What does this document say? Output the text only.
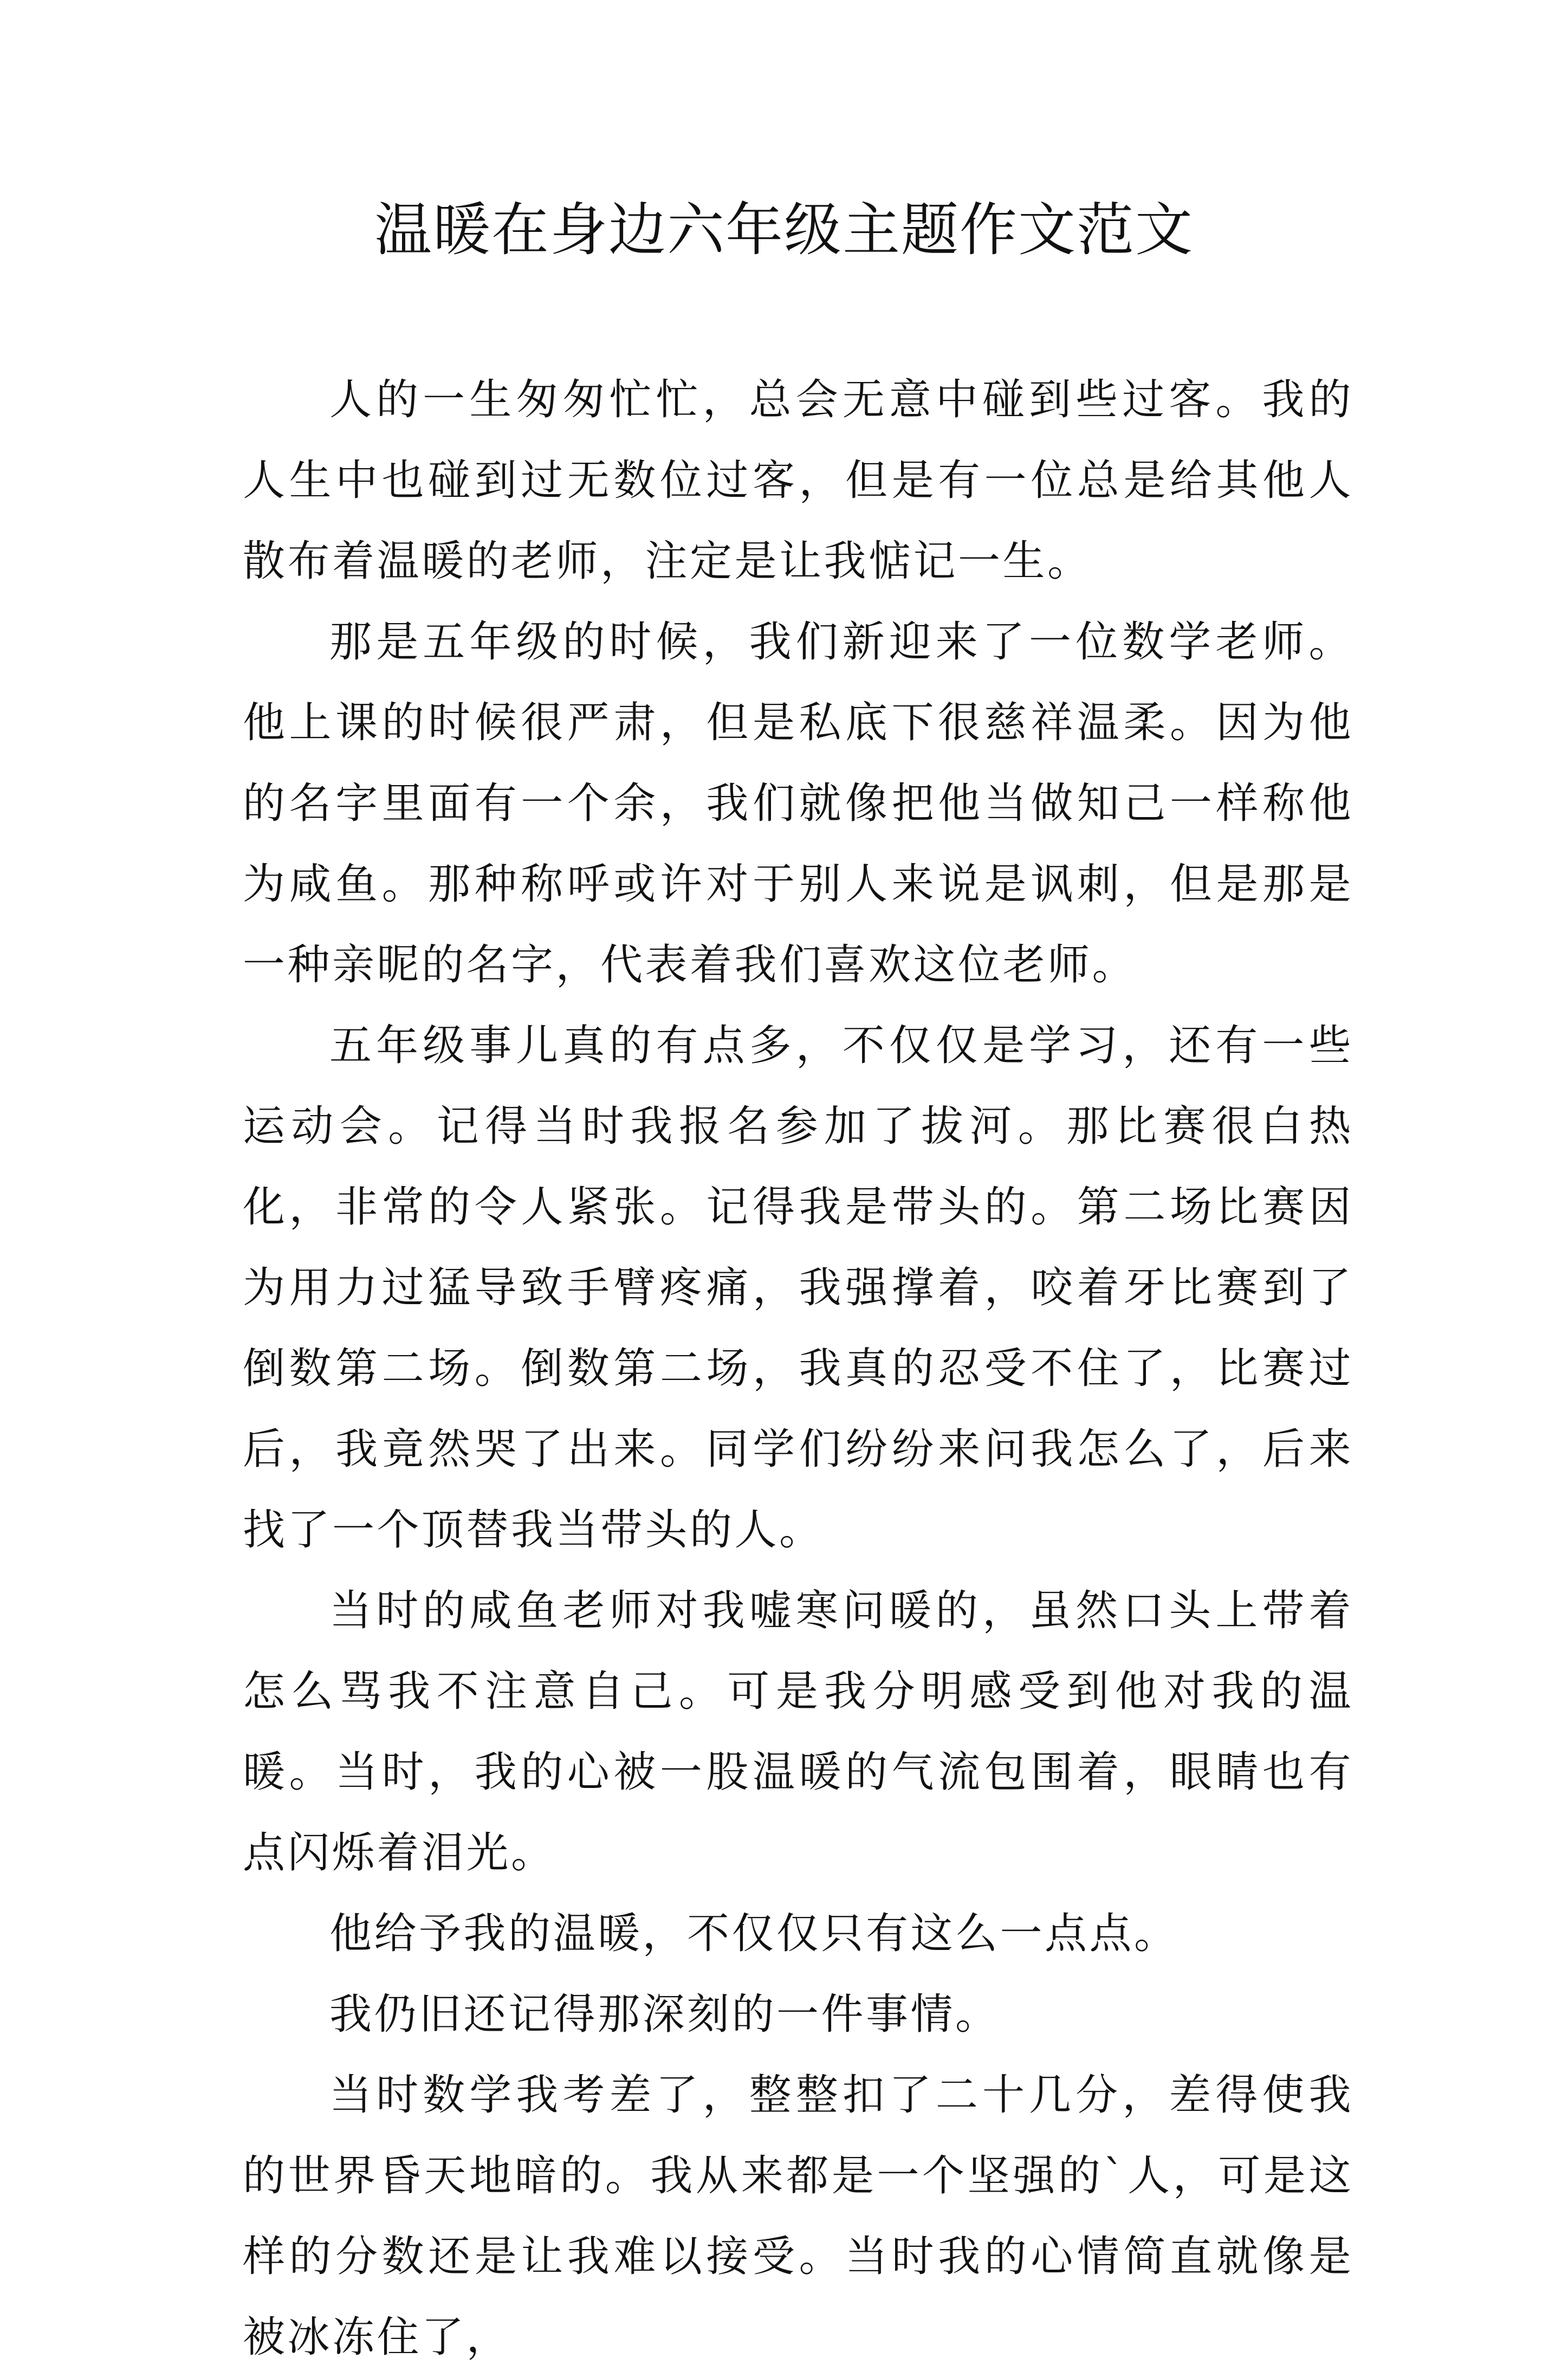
温暖在身边六年级主题作文范文

人的一生匆匆忙忙，总会无意中碰到些过客。我的人生中也碰到过无数位过客，但是有一位总是给其他人散布着温暖的老师，注定是让我惦记一生。

那是五年级的时候，我们新迎来了一位数学老师。他上课的时候很严肃，但是私底下很慈祥温柔。因为他的名字里面有一个余，我们就像把他当做知己一样称他为咸鱼。那种称呼或许对于别人来说是讽刺，但是那是一种亲昵的名字，代表着我们喜欢这位老师。

五年级事儿真的有点多，不仅仅是学习，还有一些运动会。记得当时我报名参加了拔河。那比赛很白热化，非常的令人紧张。记得我是带头的。第二场比赛因为用力过猛导致手臂疼痛，我强撑着，咬着牙比赛到了倒数第二场。倒数第二场，我真的忍受不住了，比赛过后，我竟然哭了出来。同学们纷纷来问我怎么了，后来找了一个顶替我当带头的人。

当时的咸鱼老师对我嘘寒问暖的，虽然口头上带着怎么骂我不注意自己。可是我分明感受到他对我的温暖。当时，我的心被一股温暖的气流包围着，眼睛也有点闪烁着泪光。

他给予我的温暖，不仅仅只有这么一点点。

我仍旧还记得那深刻的一件事情。

当时数学我考差了，整整扣了二十几分，差得使我的世界昏天地暗的。我从来都是一个坚强的`人，可是这样的分数还是让我难以接受。当时我的心情简直就像是被冰冻住了，
